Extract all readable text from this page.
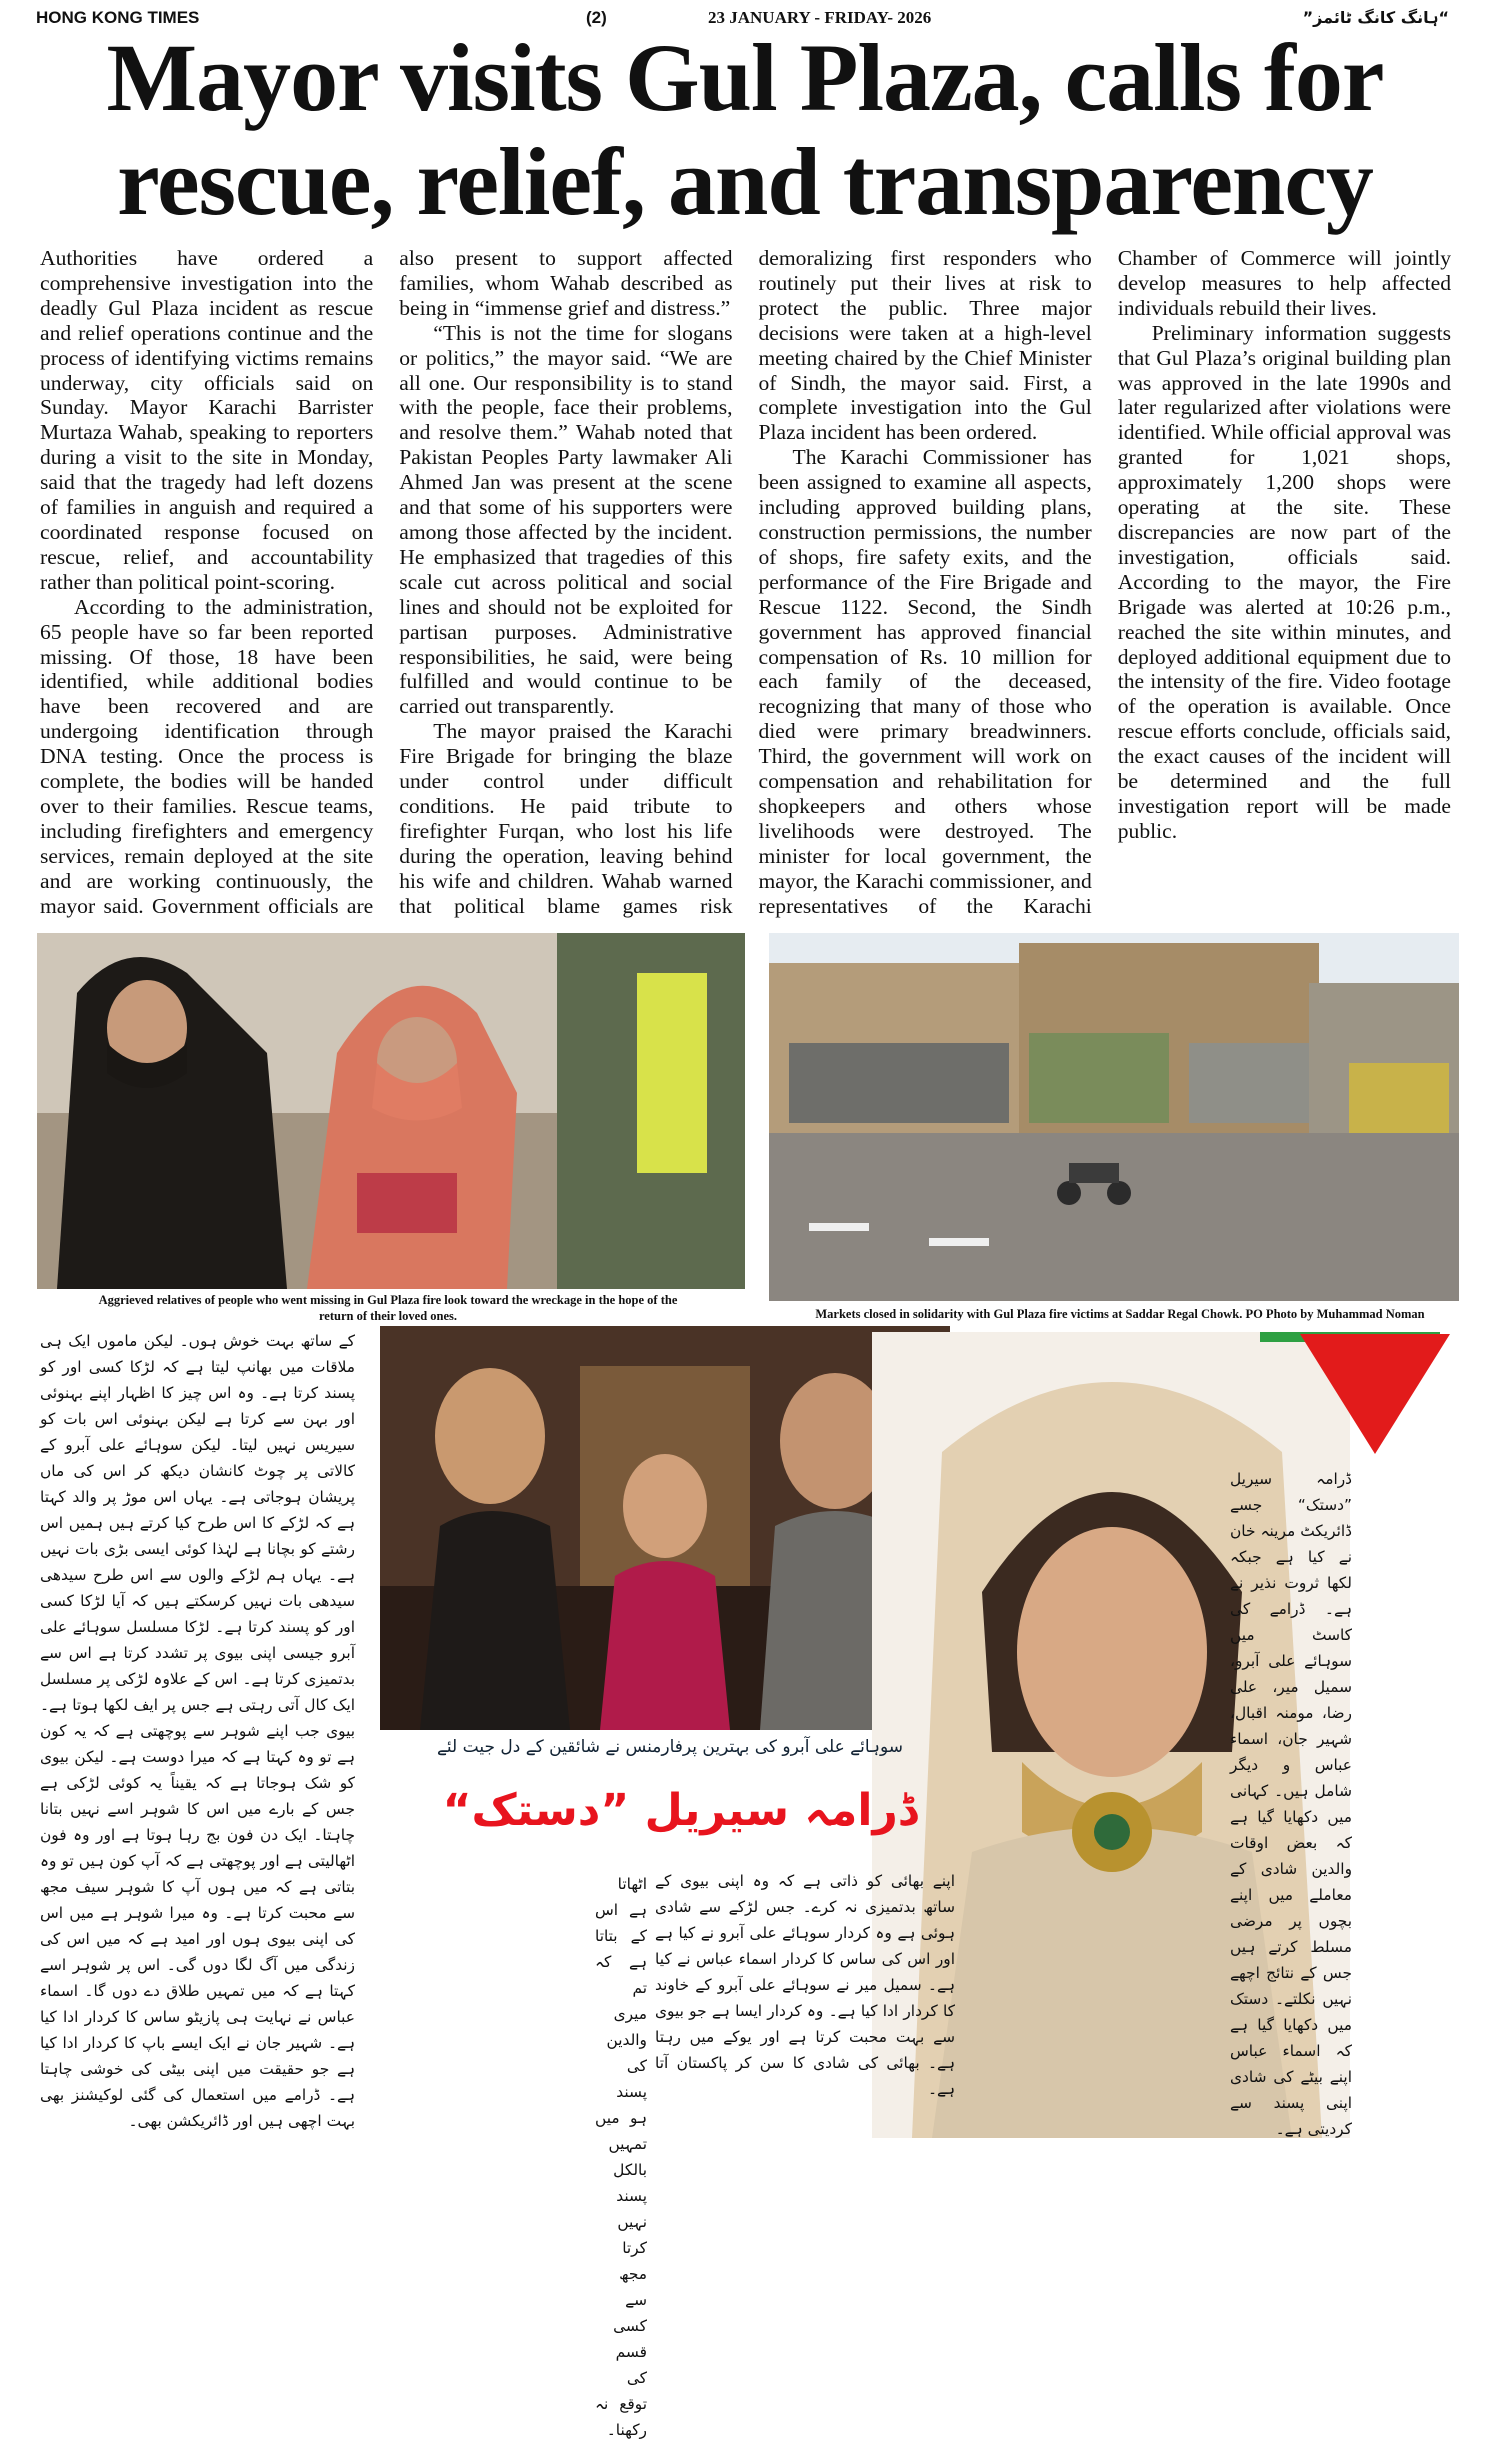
HONG KONG TIMES	(2)	23 JANUARY - FRIDAY- 2026	”ہانگ کانگ ٹائمز“
Mayor visits Gul Plaza, calls for rescue, relief, and transparency

Authorities have ordered a comprehensive investigation into the deadly Gul Plaza incident as rescue and relief operations continue and the process of identifying victims remains underway, city officials said on Sunday. Mayor Karachi Barrister Murtaza Wahab, speaking to reporters during a visit to the site in Monday, said that the tragedy had left dozens of families in anguish and required a coordinated response focused on rescue, relief, and accountability rather than political point-scoring.

According to the administration, 65 people have so far been reported missing. Of those, 18 have been identified, while additional bodies have been recovered and are undergoing identification through DNA testing. Once the process is complete, the bodies will be handed over to their families. Rescue teams, including firefighters and emergency services, remain deployed at the site and are working continuously, the mayor said. Government officials are also present to support affected families, whom Wahab described as being in “immense grief and distress.”

“This is not the time for slogans or politics,” the mayor said. “We are all one. Our responsibility is to stand with the people, face their problems, and resolve them.” Wahab noted that Pakistan Peoples Party lawmaker Ali Ahmed Jan was present at the scene and that some of his supporters were among those affected by the incident. He emphasized that tragedies of this scale cut across political and social lines and should not be exploited for partisan purposes. Administrative responsibilities, he said, were being fulfilled and would continue to be carried out transparently.

The mayor praised the Karachi Fire Brigade for bringing the blaze under control under difficult conditions. He paid tribute to firefighter Furqan, who lost his life during the operation, leaving behind his wife and children. Wahab warned that political blame games risk demoralizing first responders who routinely put their lives at risk to protect the public. Three major decisions were taken at a high-level meeting chaired by the Chief Minister of Sindh, the mayor said. First, a complete investigation into the Gul Plaza incident has been ordered.

The Karachi Commissioner has been assigned to examine all aspects, including approved building plans, construction permissions, the number of shops, fire safety exits, and the performance of the Fire Brigade and Rescue 1122. Second, the Sindh government has approved financial compensation of Rs. 10 million for each family of the deceased, recognizing that many of those who died were primary breadwinners. Third, the government will work on compensation and rehabilitation for shopkeepers and others whose livelihoods were destroyed. The minister for local government, the mayor, the Karachi commissioner, and representatives of the Karachi Chamber of Commerce will jointly develop measures to help affected individuals rebuild their lives.

Preliminary information suggests that Gul Plaza’s original building plan was approved in the late 1990s and later regularized after violations were identified. While official approval was granted for 1,021 shops, approximately 1,200 shops were operating at the site. These discrepancies are now part of the investigation, officials said. According to the mayor, the Fire Brigade was alerted at 10:26 p.m., reached the site within minutes, and deployed additional equipment due to the intensity of the fire. Video footage of the operation is available. Once rescue efforts conclude, officials said, the exact causes of the incident will be determined and the full investigation report will be made public.

Aggrieved relatives of people who went missing in Gul Plaza fire look toward the wreckage in the hope of the return of their loved ones.	Markets closed in solidarity with Gul Plaza fire victims at Saddar Regal Chowk. PO Photo by Muhammad Noman

کے ساتھ بہت خوش ہوں۔ لیکن ماموں ایک ہی ملاقات میں بھانپ لیتا ہے کہ لڑکا کسی اور کو پسند کرتا ہے۔ وہ اس چیز کا اظہار اپنے بہنوئی اور بہن سے کرتا ہے لیکن بہنوئی اس بات کو سیریس نہیں لیتا۔ لیکن سوہائے علی آبرو کے کالاتی پر چوٹ کانشان دیکھ کر اس کی ماں پریشان ہوجاتی ہے۔ یہاں اس موڑ پر والد کہتا ہے کہ لڑکے کا اس طرح کیا کرتے ہیں ہمیں اس رشتے کو بچانا ہے لہٰذا کوئی ایسی بڑی بات نہیں ہے۔ یہاں ہم لڑکے والوں سے اس طرح سیدھی سیدھی بات نہیں کرسکتے ہیں کہ آیا لڑکا کسی اور کو پسند کرتا ہے۔ لڑکا مسلسل سوہائے علی آبرو جیسی اپنی بیوی پر تشدد کرتا ہے اس سے بدتمیزی کرتا ہے۔ اس کے علاوہ لڑکی پر مسلسل ایک کال آتی رہتی ہے جس پر ایف لکھا ہوتا ہے۔ بیوی جب اپنے شوہر سے پوچھتی ہے کہ یہ کون ہے تو وہ کہتا ہے کہ میرا دوست ہے۔ لیکن بیوی کو شک ہوجاتا ہے کہ یقیناً یہ کوئی لڑکی ہے جس کے بارے میں اس کا شوہر اسے نہیں بتانا چاہتا۔ ایک دن فون بج رہا ہوتا ہے اور وہ فون اٹھالیتی ہے اور پوچھتی ہے کہ آپ کون ہیں تو وہ بتاتی ہے کہ میں ہوں آپ کا شوہر سیف مجھ سے محبت کرتا ہے۔ وہ میرا شوہر ہے میں اس کی اپنی بیوی ہوں اور امید ہے کہ میں اس کی زندگی میں آگ لگا دوں گی۔ اس پر شوہر اسے کہتا ہے کہ میں تمہیں طلاق دے دوں گا۔ اسماء عباس نے نہایت ہی پازیٹو ساس کا کردار ادا کیا ہے۔ شہیر جان نے ایک ایسے باپ کا کردار ادا کیا ہے جو حقیقت میں اپنی بیٹی کی خوشی چاہتا ہے۔ ڈرامے میں استعمال کی گئی لوکیشنز بھی بہت اچھی ہیں اور ڈائریکشن بھی۔

سوہائے علی آبرو کی بہترین پرفارمنس نے شائقین کے دل جیت لئے
ڈرامہ سیریل ”دستک“

ڈرامہ سیریل ”دستک“ جسے ڈائریکٹ مرینہ خان نے کیا ہے جبکہ لکھا ثروت نذیر نے ہے۔ ڈرامے کی کاسٹ میں سوہائے علی آبرو، سمیل میر، علی رضا، مومنہ اقبال، شہیر جان، اسماء عباس و دیگر شامل ہیں۔ کہانی میں دکھایا گیا ہے کہ بعض اوقات والدین شادی کے معاملے میں اپنے بچوں پر مرضی مسلط کرتے ہیں جس کے نتائج اچھے نہیں نکلتے۔ دستک میں دکھایا گیا ہے کہ اسماء عباس اپنے بیٹے کی شادی اپنی پسند سے کردیتی ہے۔

اپنے بھائی کو ذاتی ہے کہ وہ اپنی بیوی کے ساتھ بدتمیزی نہ کرے۔ جس لڑکے سے شادی ہوئی ہے وہ کردار سوہائے علی آبرو نے کیا ہے اور اس کی ساس کا کردار اسماء عباس نے کیا ہے۔ سمیل میر نے سوہائے علی آبرو کے خاوند کا کردار ادا کیا ہے۔ وہ کردار ایسا ہے جو بیوی سے بہت محبت کرتا ہے اور یوکے میں رہتا ہے۔ بھائی کی شادی کا سن کر پاکستان آتا ہے۔

اٹھاتا ہے اس کے بتاتا ہے کہ تم میری والدین کی پسند ہو میں تمہیں بالکل پسند نہیں کرتا مجھ سے کسی قسم کی توقع نہ رکھنا۔
